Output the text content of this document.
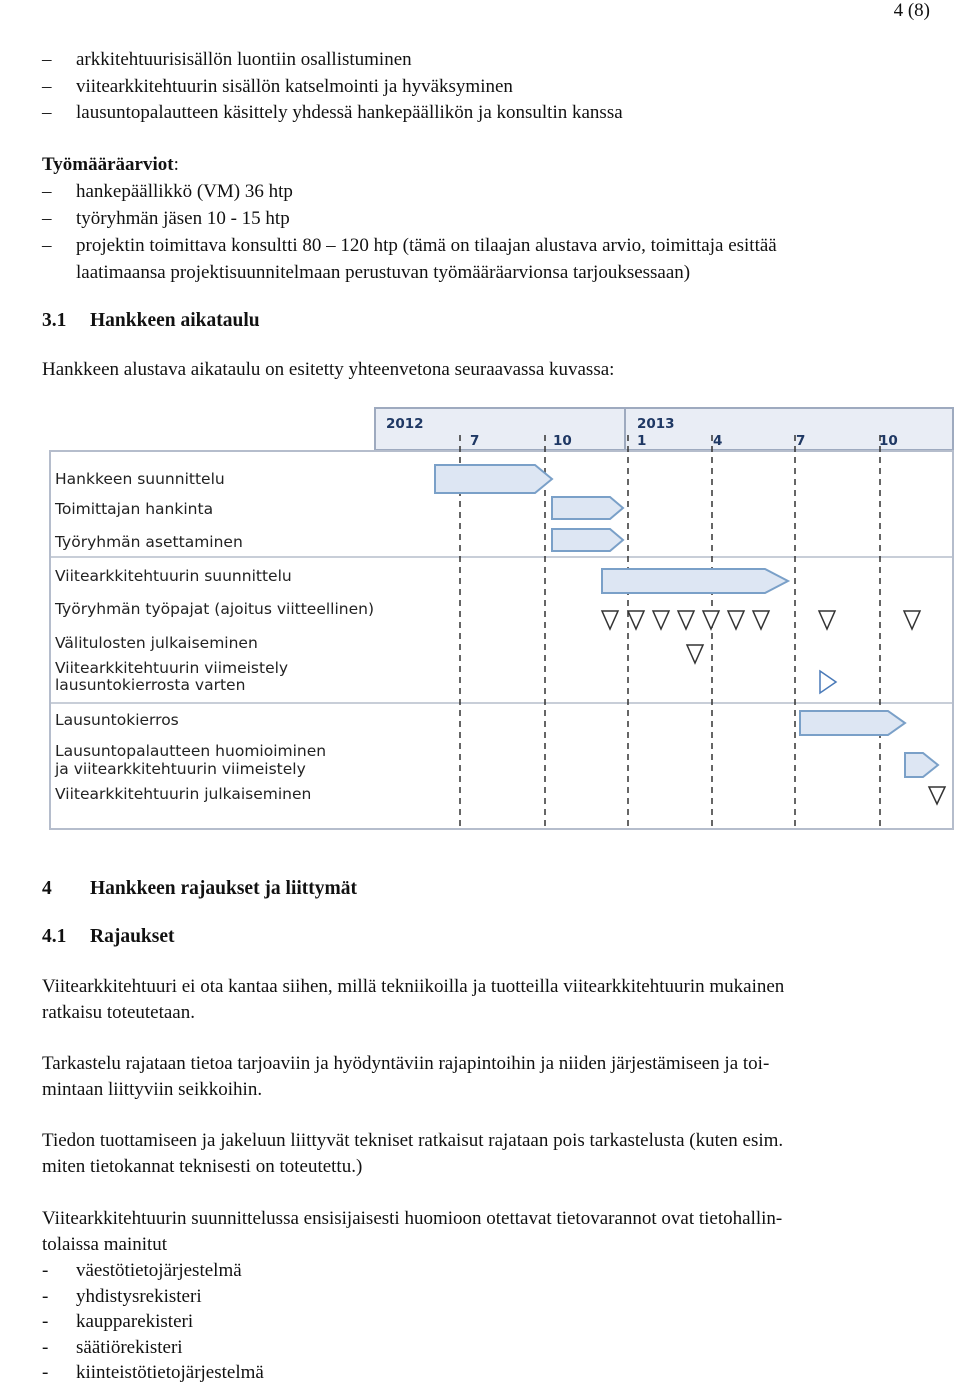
4 (8)
–	arkkitehtuurisisällön luontiin osallistuminen
–	viitearkkitehtuurin sisällön katselmointi ja hyväksyminen
–	lausuntopalautteen käsittely yhdessä hankepäällikön ja konsultin kanssa
Työmääräarviot:
–	hankepäällikkö (VM) 36 htp
–	työryhmän jäsen 10 - 15 htp
–	projektin toimittava konsultti 80 – 120 htp (tämä on tilaajan alustava arvio, toimittaja esittää
laatimaansa projektisuunnitelmaan perustuvan työmääräarvionsa tarjouksessaan)
3.1 Hankkeen aikataulu
Hankkeen alustava aikataulu on esitetty yhteenvetona seuraavassa kuvassa:
2012	2013
7	10	1	4	7	10
Hankkeen suunnittelu
Toimittajan hankinta
Työryhmän asettaminen
Viitearkkitehtuurin suunnittelu
Työryhmän työpajat (ajoitus viitteellinen)
Välitulosten julkaiseminen
Viitearkkitehtuurin viimeistely
lausuntokierrosta varten
Lausuntokierros
Lausuntopalautteen huomioiminen
ja viitearkkitehtuurin viimeistely
Viitearkkitehtuurin julkaiseminen
4 Hankkeen rajaukset ja liittymät
4.1 Rajaukset
Viitearkkitehtuuri ei ota kantaa siihen, millä tekniikoilla ja tuotteilla viitearkkitehtuurin mukainen
ratkaisu toteutetaan.
Tarkastelu rajataan tietoa tarjoaviin ja hyödyntäviin rajapintoihin ja niiden järjestämiseen ja toi-
mintaan liittyviin seikkoihin.
Tiedon tuottamiseen ja jakeluun liittyvät tekniset ratkaisut rajataan pois tarkastelusta (kuten esim.
miten tietokannat teknisesti on toteutettu.)
Viitearkkitehtuurin suunnittelussa ensisijaisesti huomioon otettavat tietovarannot ovat tietohallin-
tolaissa mainitut
- väestötietojärjestelmä
- yhdistysrekisteri
- kaupparekisteri
- säätiörekisteri
- kiinteistötietojärjestelmä
